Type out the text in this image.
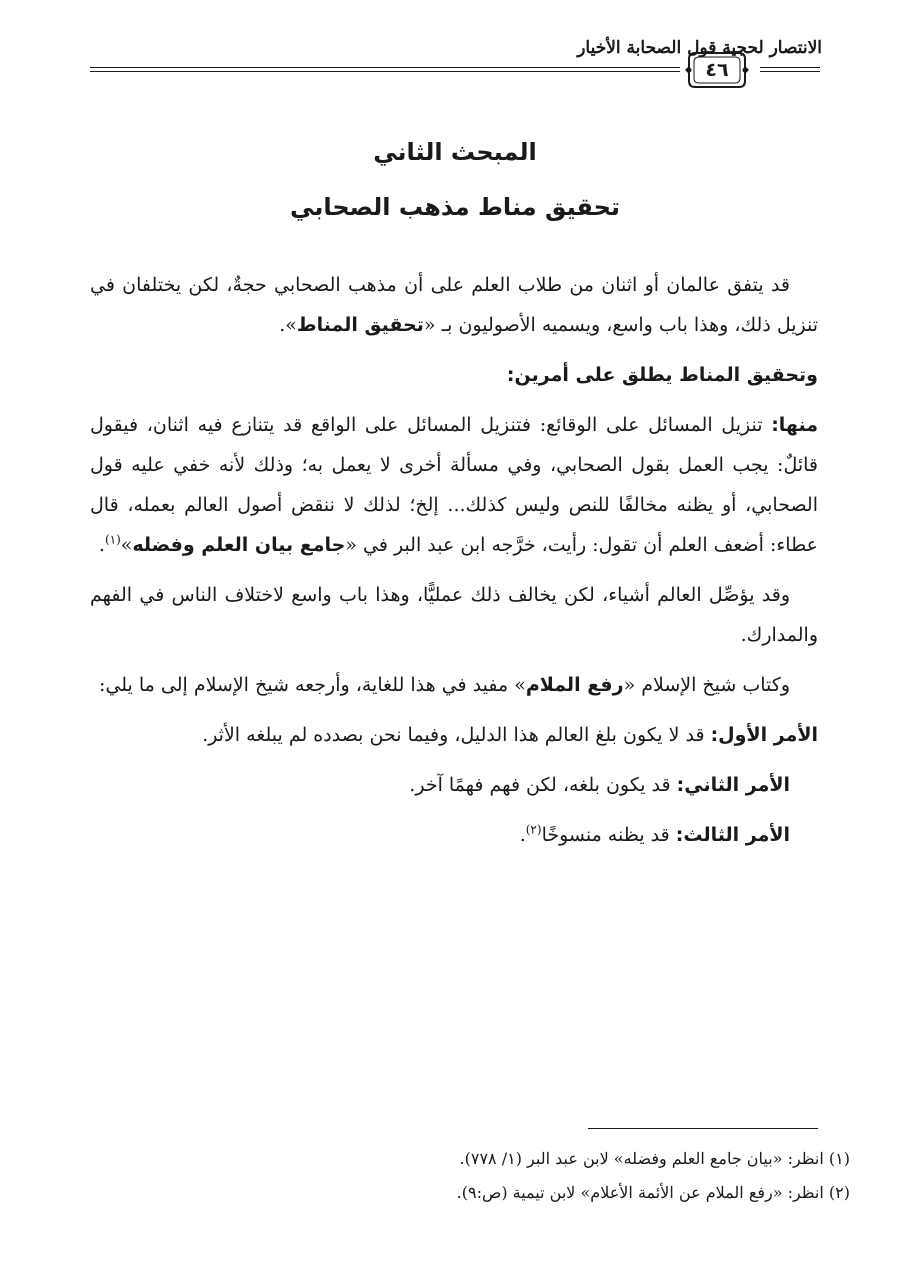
الانتصار لحجية قول الصحابة الأخيار
٤٦
المبحث الثاني
تحقيق مناط مذهب الصحابي

قد يتفق عالمان أو اثنان من طلاب العلم على أن مذهب الصحابي حجةٌ، لكن يختلفان في تنزيل ذلك، وهذا باب واسع، ويسميه الأصوليون بـ «تحقيق المناط».

وتحقيق المناط يطلق على أمرين:

منها: تنزيل المسائل على الوقائع: فتنزيل المسائل على الواقع قد يتنازع فيه اثنان، فيقول قائلٌ: يجب العمل بقول الصحابي، وفي مسألة أخرى لا يعمل به؛ وذلك لأنه خفي عليه قول الصحابي، أو يظنه مخالفًا للنص وليس كذلك... إلخ؛ لذلك لا ننقض أصول العالم بعمله، قال عطاء: أضعف العلم أن تقول: رأيت، خرَّجه ابن عبد البر في «جامع بيان العلم وفضله»$^{(١)}$.

وقد يؤصِّل العالم أشياء، لكن يخالف ذلك عمليًّا، وهذا باب واسع لاختلاف الناس في الفهم والمدارك.

وكتاب شيخ الإسلام «رفع الملام» مفيد في هذا للغاية، وأرجعه شيخ الإسلام إلى ما يلي:

الأمر الأول: قد لا يكون بلغ العالم هذا الدليل، وفيما نحن بصدده لم يبلغه الأثر.

الأمر الثاني: قد يكون بلغه، لكن فهم فهمًا آخر.

الأمر الثالث: قد يظنه منسوخًا$^{(٢)}$.

(١) انظر: «بيان جامع العلم وفضله» لابن عبد البر (١/ ٧٧٨).
(٢) انظر: «رفع الملام عن الأئمة الأعلام» لابن تيمية (ص:٩).
